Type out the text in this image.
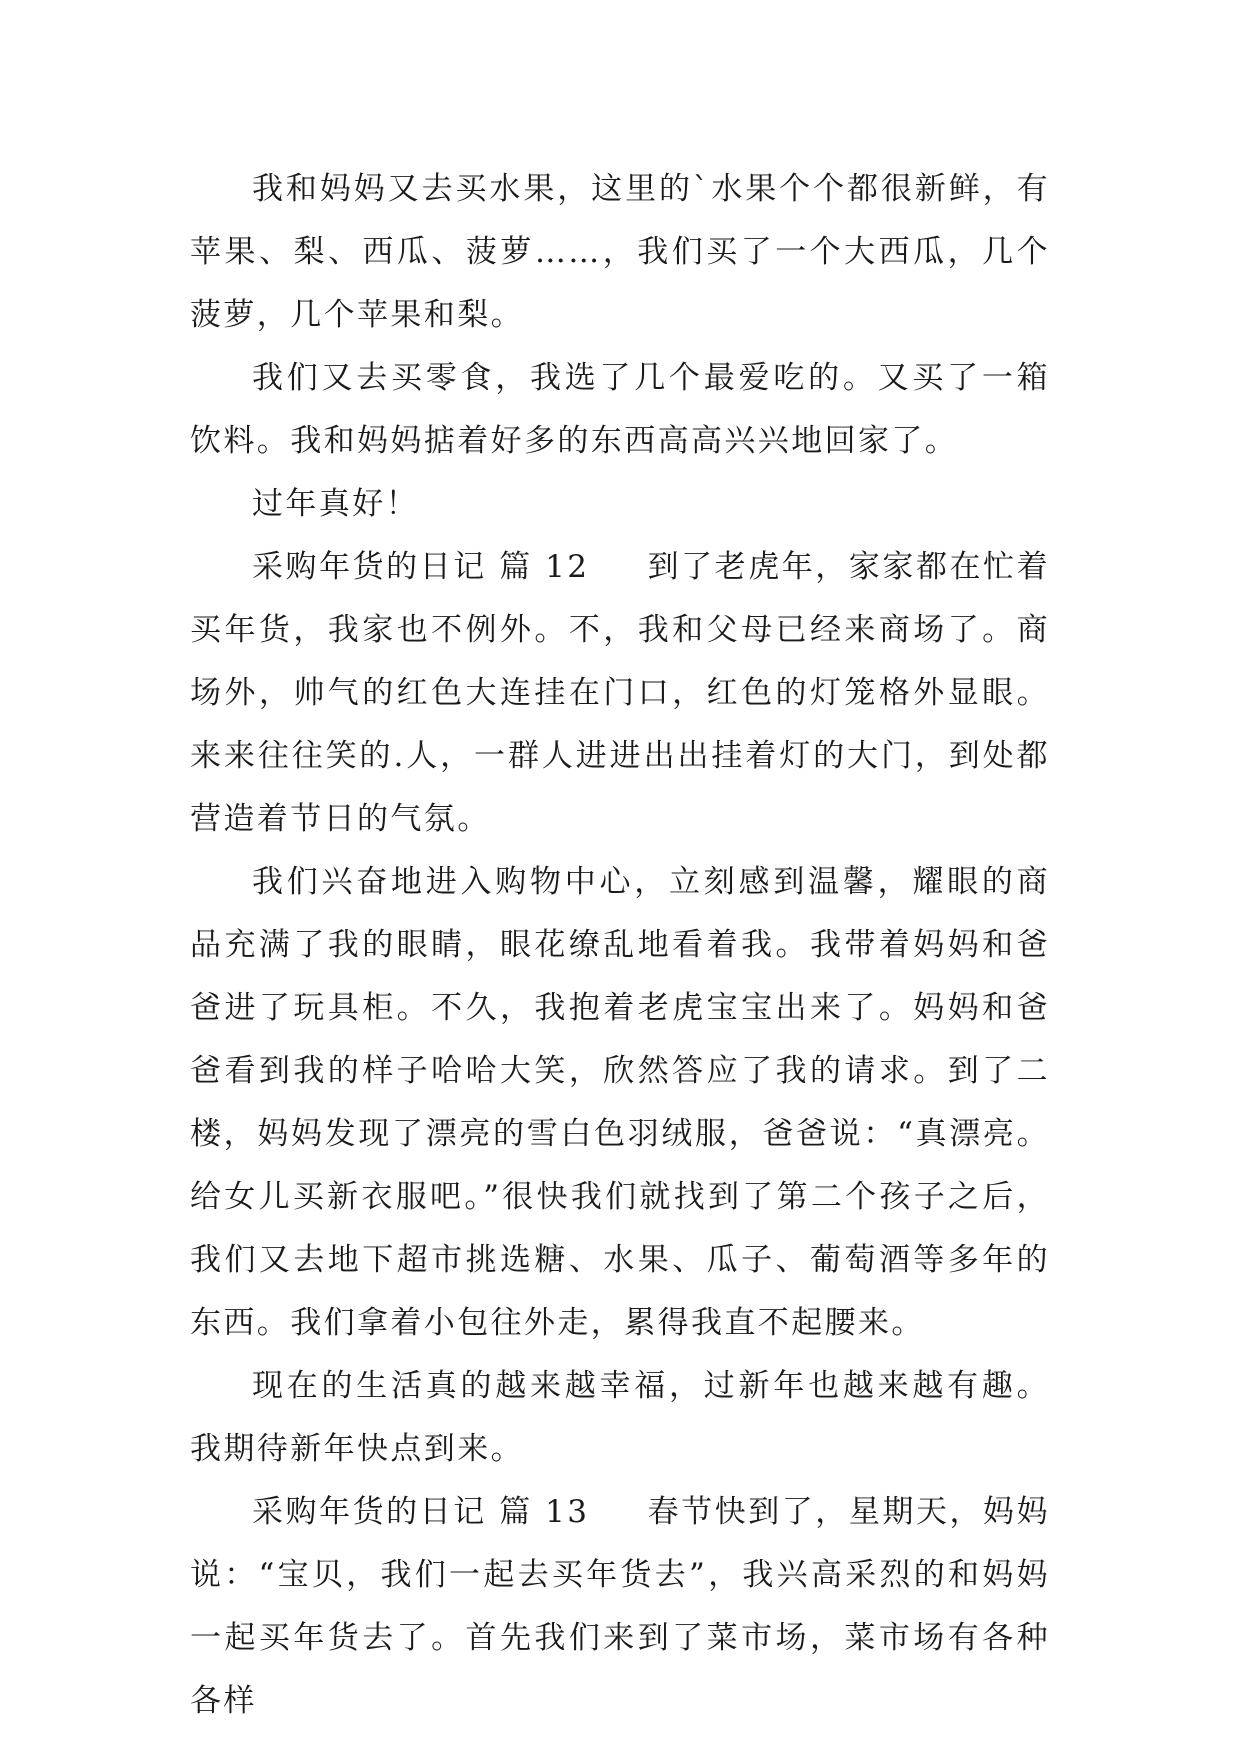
我和妈妈又去买水果，这里的`水果个个都很新鲜，有苹果、梨、西瓜、菠萝……，我们买了一个大西瓜，几个菠萝，几个苹果和梨。

我们又去买零食，我选了几个最爱吃的。又买了一箱饮料。我和妈妈掂着好多的东西高高兴兴地回家了。

过年真好！

采购年货的日记 篇 12 到了老虎年，家家都在忙着买年货，我家也不例外。不，我和父母已经来商场了。商场外，帅气的红色大连挂在门口，红色的灯笼格外显眼。来来往往笑的.人，一群人进进出出挂着灯的大门，到处都营造着节日的气氛。

我们兴奋地进入购物中心，立刻感到温馨，耀眼的商品充满了我的眼睛，眼花缭乱地看着我。我带着妈妈和爸爸进了玩具柜。不久，我抱着老虎宝宝出来了。妈妈和爸爸看到我的样子哈哈大笑，欣然答应了我的请求。到了二楼，妈妈发现了漂亮的雪白色羽绒服，爸爸说：“真漂亮。给女儿买新衣服吧。”很快我们就找到了第二个孩子之后，我们又去地下超市挑选糖、水果、瓜子、葡萄酒等多年的东西。我们拿着小包往外走，累得我直不起腰来。

现在的生活真的越来越幸福，过新年也越来越有趣。我期待新年快点到来。

采购年货的日记 篇 13 春节快到了，星期天，妈妈说：“宝贝，我们一起去买年货去”，我兴高采烈的和妈妈一起买年货去了。首先我们来到了菜市场，菜市场有各种各样
